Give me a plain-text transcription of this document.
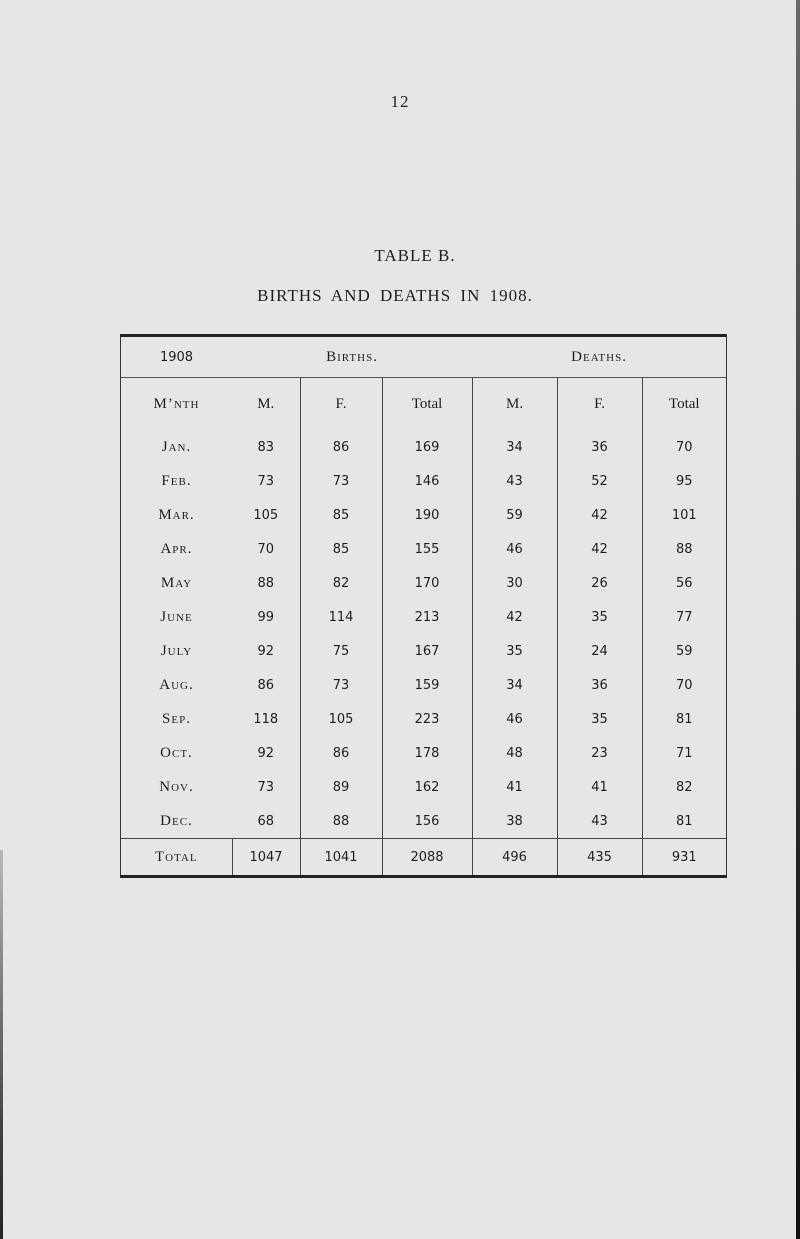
12
TABLE B.
BIRTHS AND DEATHS IN 1908.
1908	Births.			Deaths.		
M’nth	M.	F.	Total	M.	F.	Total
Jan.	83	86	169	34	36	70
Feb.	73	73	146	43	52	95
Mar.	105	85	190	59	42	101
Apr.	70	85	155	46	42	88
May	88	82	170	30	26	56
June	99	114	213	42	35	77
July	92	75	167	35	24	59
Aug.	86	73	159	34	36	70
Sep.	118	105	223	46	35	81
Oct.	92	86	178	48	23	71
Nov.	73	89	162	41	41	82
Dec.	68	88	156	38	43	81
Total	1047	1041	2088	496	435	931
